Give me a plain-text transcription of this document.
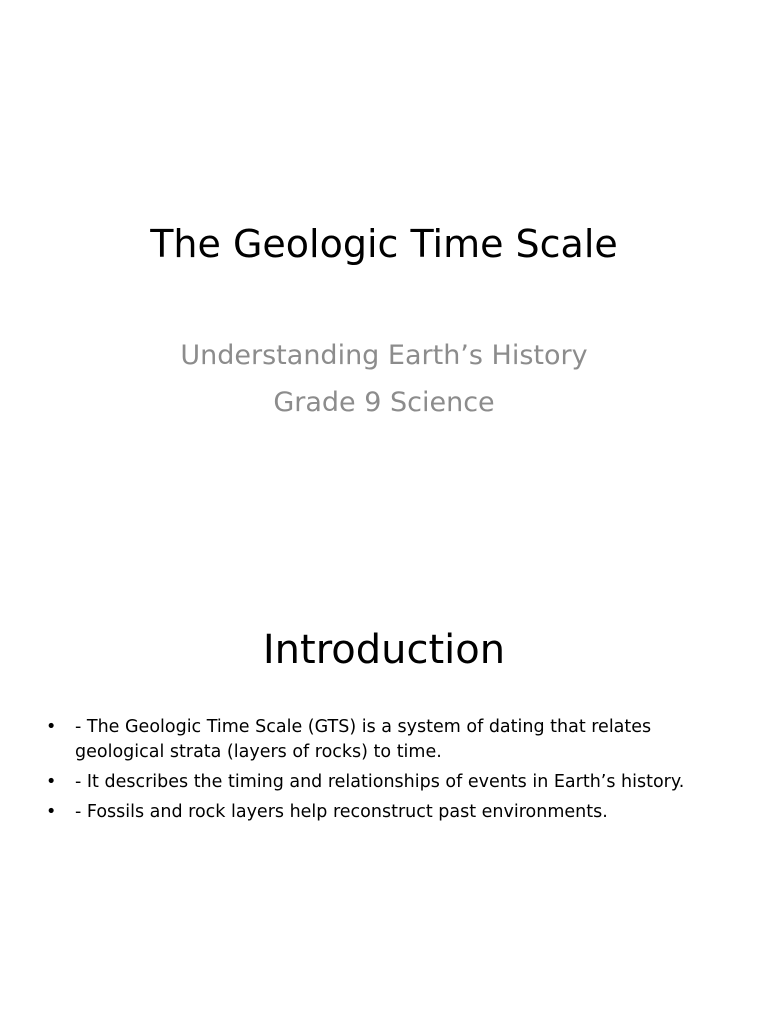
The Geologic Time Scale
Understanding Earth’s History
Grade 9 Science
Introduction
• - The Geologic Time Scale (GTS) is a system of dating that relates geological strata (layers of rocks) to time.
• - It describes the timing and relationships of events in Earth’s history.
• - Fossils and rock layers help reconstruct past environments.
